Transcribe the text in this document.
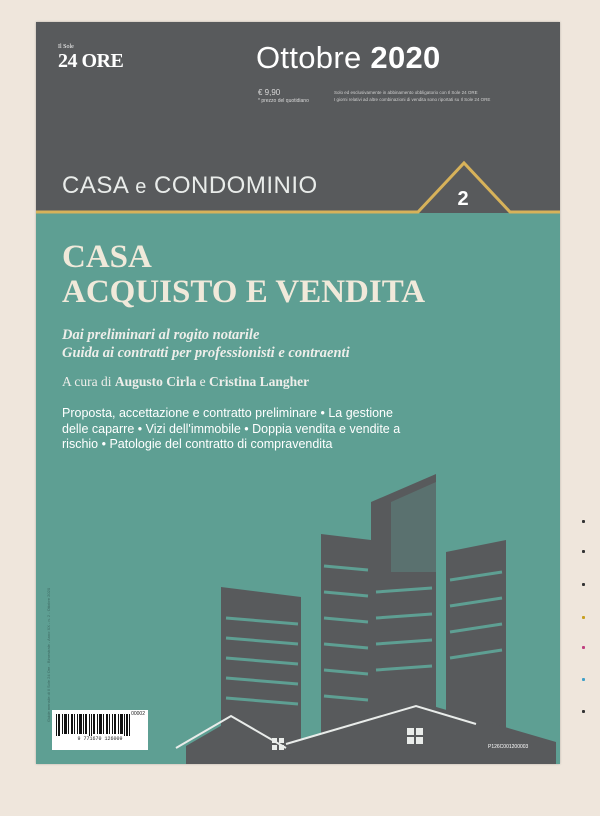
Il Sole
24 ORE	Ottobre 2020
€ 9,90
* prezzo del quotidiano
Solo ed esclusivamente in abbinamento obbligatorio con Il Sole 24 ORE
I giorni relativi ad altre combinazioni di vendita sono riportati su Il Sole 24 ORE
CASA e CONDOMINIO	2
CASA
ACQUISTO E VENDITA
Dai preliminari al rogito notarile
Guida ai contratti per professionisti e contraenti
A cura di Augusto Cirla e Cristina Langher
Proposta, accettazione e contratto preliminare • La gestione delle caparre • Vizi dell'immobile • Doppia vendita e vendite a rischio • Patologie del contratto di compravendita
Guide mensile di Il Sole 24 Ore - Bimestrale - Anno XX - n. 2 - Ottobre 2020	00002
9 771670 126009
P126C001200003
